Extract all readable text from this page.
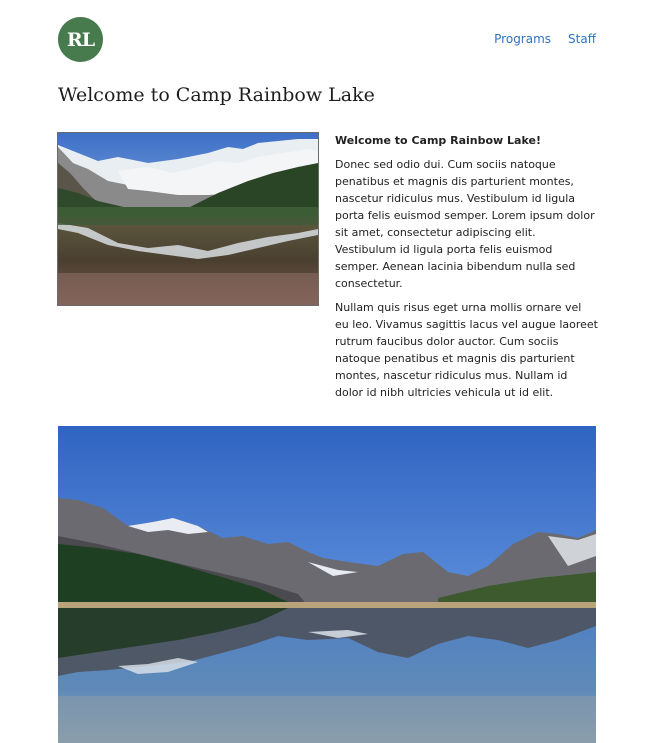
RL	Programs Staff
Welcome to Camp Rainbow Lake
Welcome to Camp Rainbow Lake!

Donec sed odio dui. Cum sociis natoque penatibus et magnis dis parturient montes, nascetur ridiculus mus. Vestibulum id ligula porta felis euismod semper. Lorem ipsum dolor sit amet, consectetur adipiscing elit. Vestibulum id ligula porta felis euismod semper. Aenean lacinia bibendum nulla sed consectetur.

Nullam quis risus eget urna mollis ornare vel eu leo. Vivamus sagittis lacus vel augue laoreet rutrum faucibus dolor auctor. Cum sociis natoque penatibus et magnis dis parturient montes, nascetur ridiculus mus. Nullam id dolor id nibh ultricies vehicula ut id elit.
